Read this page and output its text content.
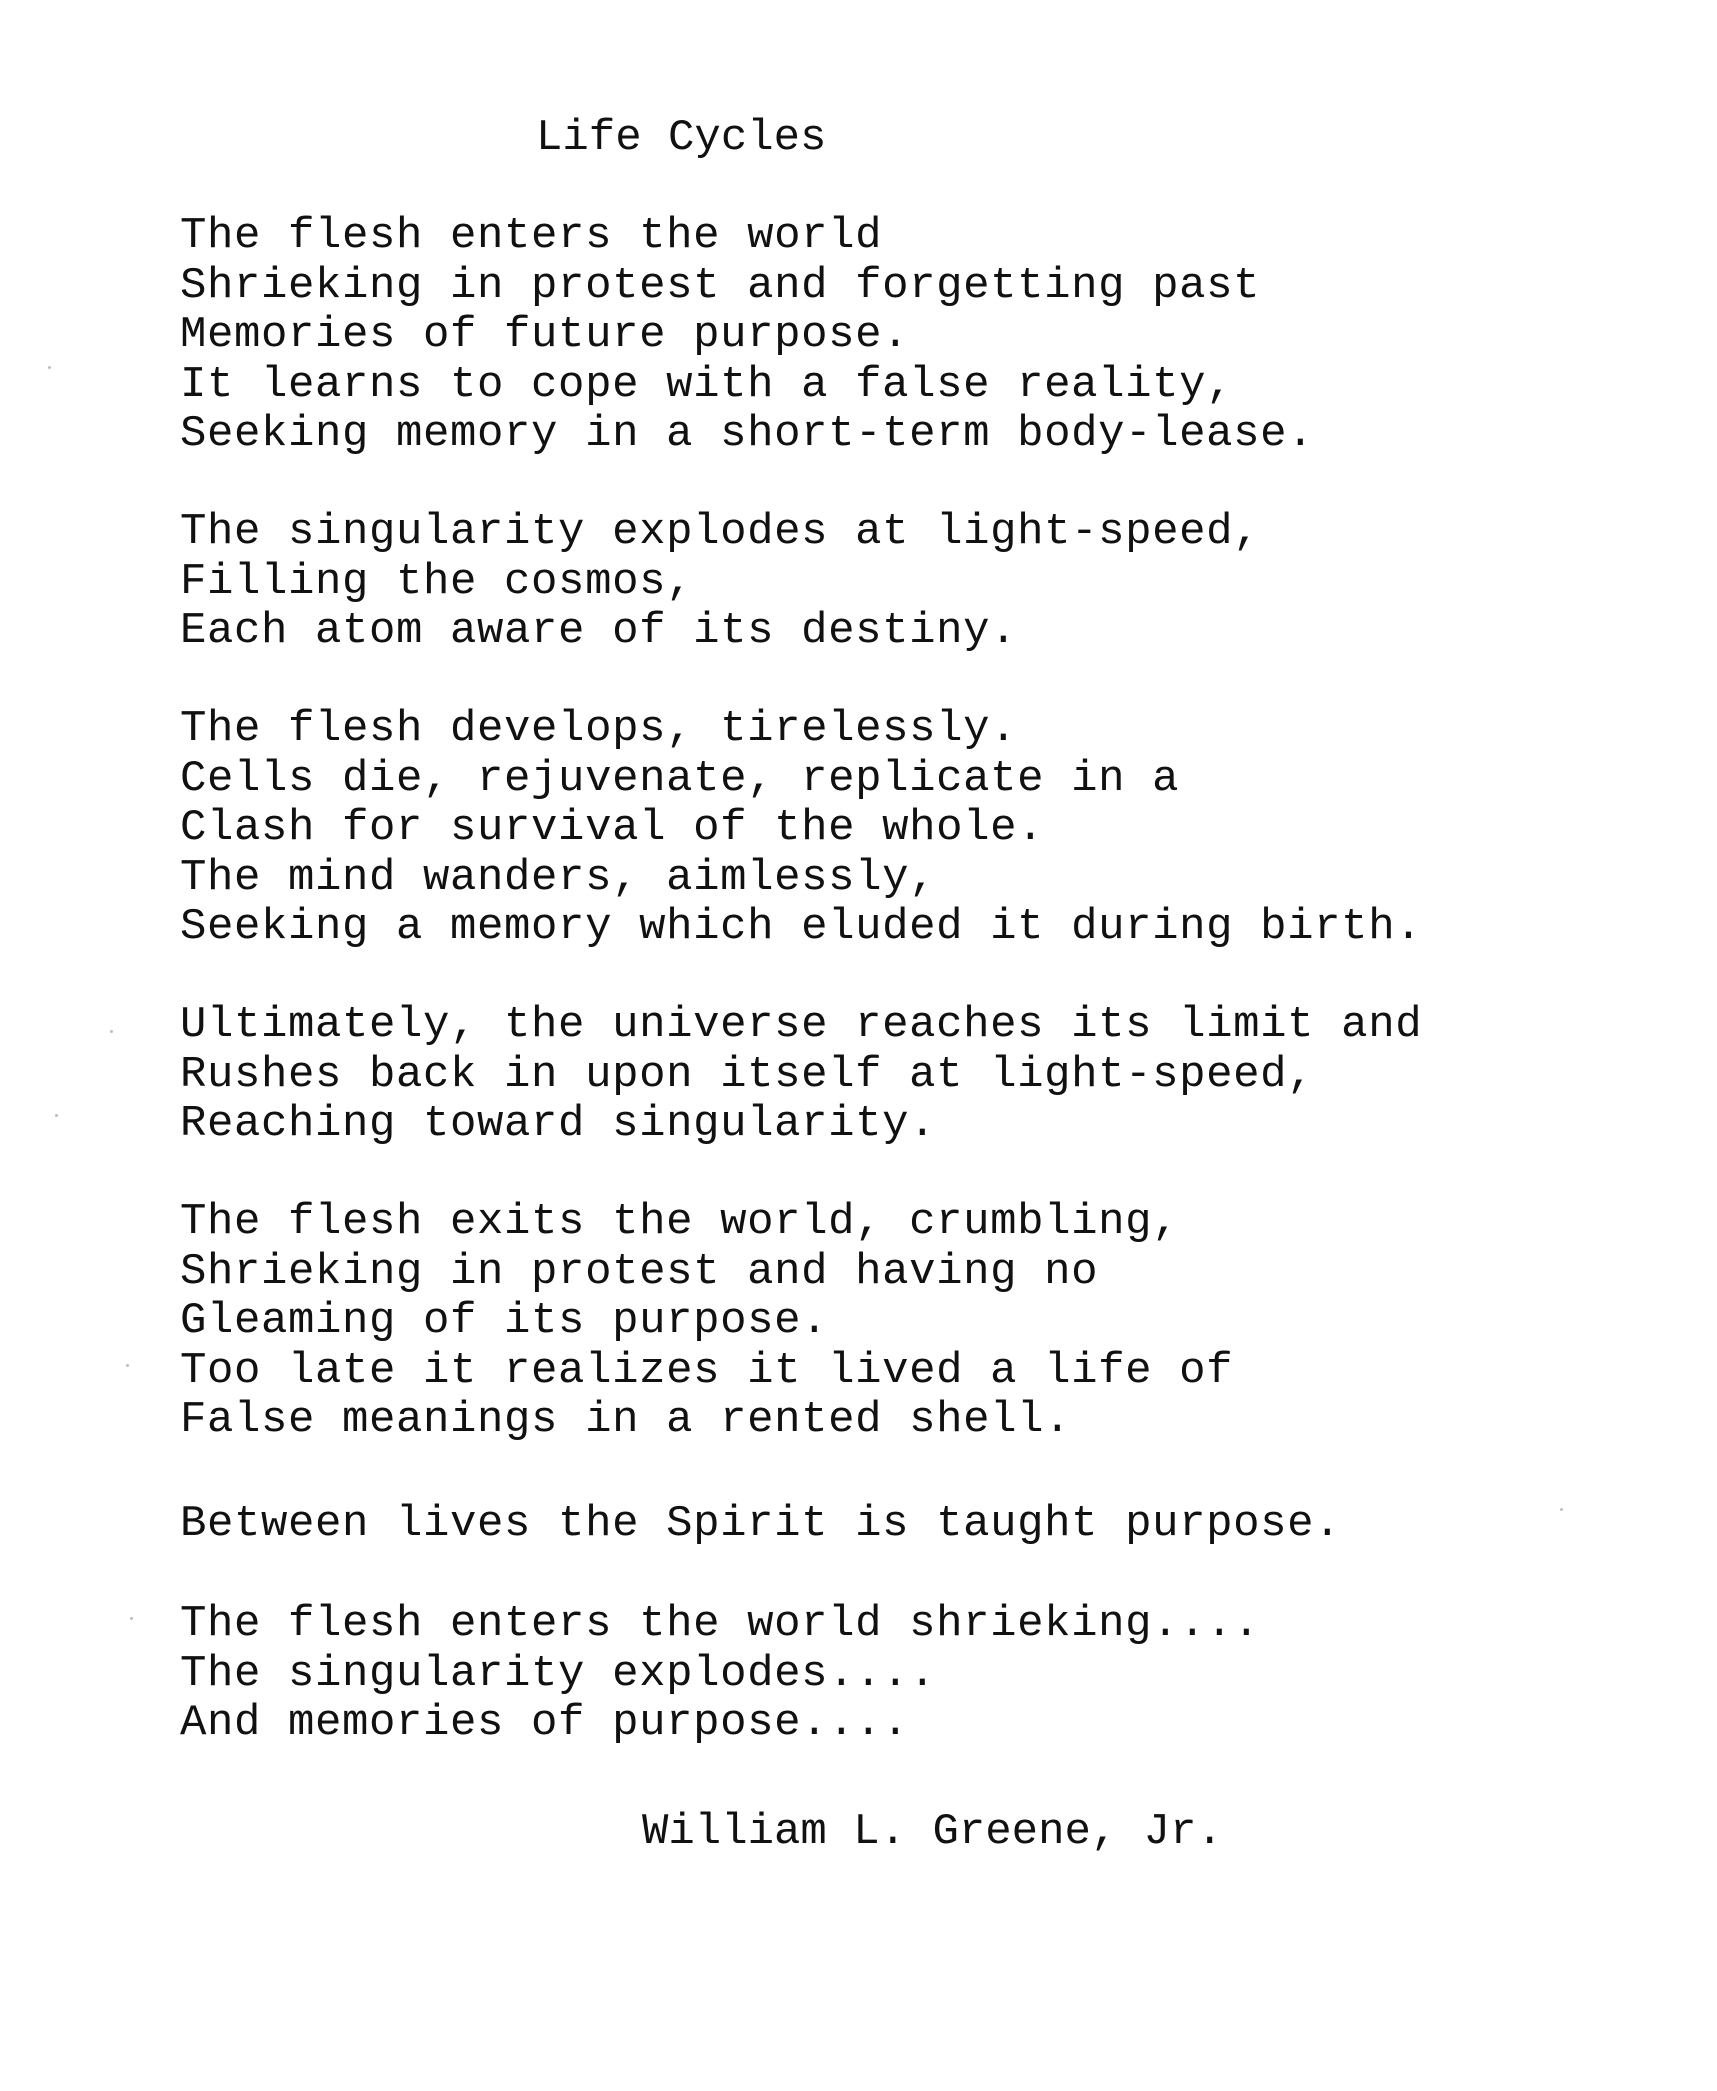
Life Cycles
The flesh enters the world
Shrieking in protest and forgetting past
Memories of future purpose.
It learns to cope with a false reality,
Seeking memory in a short-term body-lease.
The singularity explodes at light-speed,
Filling the cosmos,
Each atom aware of its destiny.
The flesh develops, tirelessly.
Cells die, rejuvenate, replicate in a
Clash for survival of the whole.
The mind wanders, aimlessly,
Seeking a memory which eluded it during birth.
Ultimately, the universe reaches its limit and
Rushes back in upon itself at light-speed,
Reaching toward singularity.
The flesh exits the world, crumbling,
Shrieking in protest and having no
Gleaming of its purpose.
Too late it realizes it lived a life of
False meanings in a rented shell.
Between lives the Spirit is taught purpose.
The flesh enters the world shrieking....
The singularity explodes....
And memories of purpose....
William L. Greene, Jr.
